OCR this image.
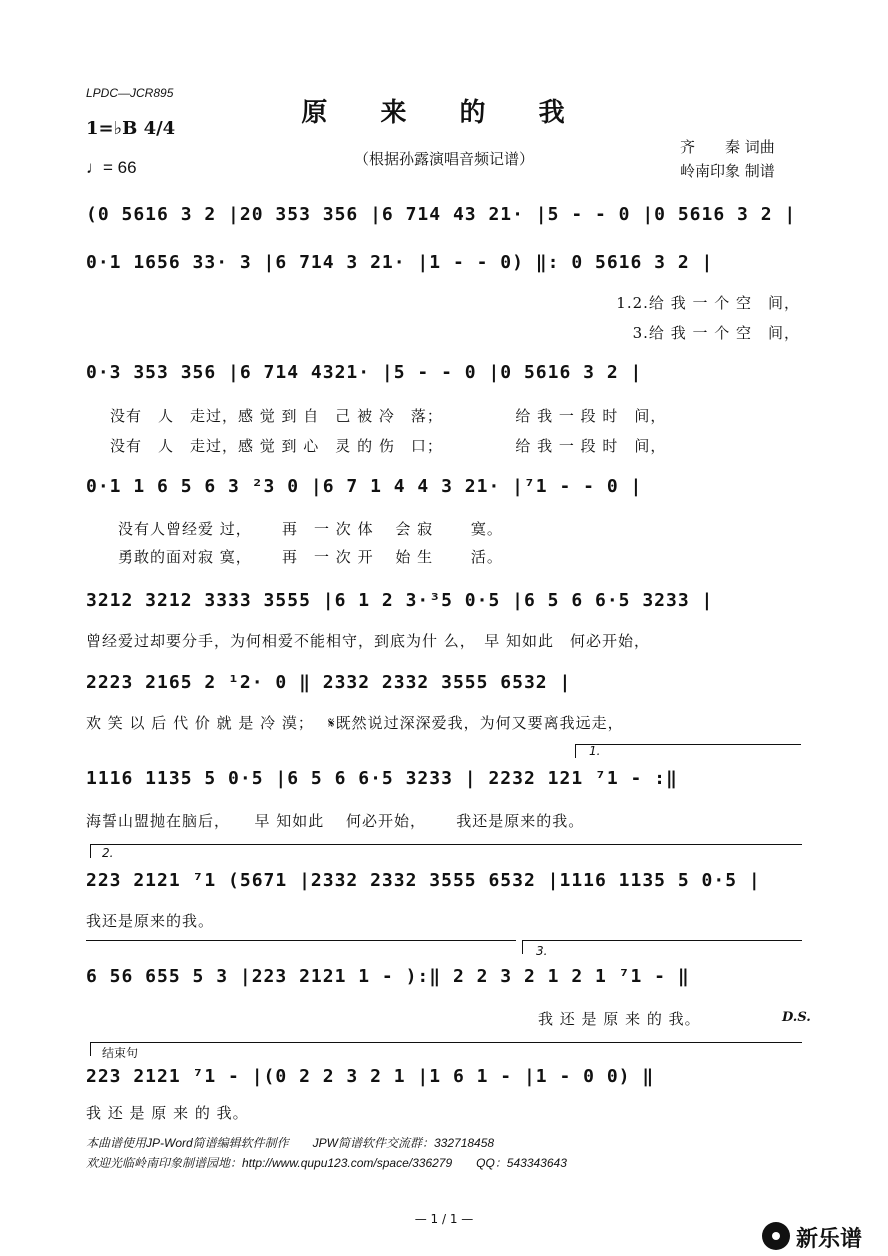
LPDC—JCR895
原 来 的 我
（根据孙露演唱音频记谱）
1=♭B 4/4
♩= 66
齐　　秦 词曲
岭南印象 制谱
(0 5616 3 2 |20 353 356 |6 714 43 21· |5 - - 0 |0 5616 3 2 |
0·1 1656 33· 3 |6 714 3 21· |1 - - 0) ‖: 0 5616 3 2 |
1.2.给 我 一 个 空　间，
3.给 我 一 个 空　间，
0·3 353 356 |6 714 4321· |5 - - 0 |0 5616 3 2 |
没有　人　走过，感 觉 到 自　己 被 冷　落；　　　　　给 我 一 段 时　间，
没有　人　走过，感 觉 到 心　灵 的 伤　口；　　　　　给 我 一 段 时　间，
0·1 1 6 5 6 3 ²3 0 |6 7 1 4 4 3 21· |⁷1 - - 0 |
没有人曾经爱 过，　　 再　一 次 体　 会 寂　　 寞。
勇敢的面对寂 寞，　　 再　一 次 开　 始 生　　 活。
3212 3212 3333 3555 |6 1 2 3·³5 0·5 |6 5 6 6·5 3233 |
曾经爱过却要分手，为何相爱不能相守，到底为什 么，　早 知如此　何必开始，
2223 2165 2 ¹2· 0 ‖ 2332 2332 3555 6532 |
欢 笑 以 后 代 价 就 是 冷 漠；　 𝄋既然说过深深爱我，为何又要离我远走，
1.
1116 1135 5 0·5 |6 5 6 6·5 3233 | 2232 121 ⁷1 - :‖
海誓山盟抛在脑后，　　早 知如此　 何必开始，　　 我还是原来的我。
2.
223 2121 ⁷1 (5671 |2332 2332 3555 6532 |1116 1135 5 0·5 |
我还是原来的我。
3.
6 56 655 5 3 |223 2121 1 - ):‖ 2 2 3 2 1 2 1 ⁷1 - ‖
我 还 是 原 来 的 我。	D.S.
结束句
223 2121 ⁷1 - |(0 2 2 3 2 1 |1 6 1 - |1 - 0 0) ‖
我 还 是 原 来 的 我。
本曲谱使用JP-Word简谱编辑软件制作　　JPW简谱软件交流群：332718458
欢迎光临岭南印象制谱园地：http://www.qupu123.com/space/336279　　QQ：543343643
— 1 / 1 —
新乐谱
